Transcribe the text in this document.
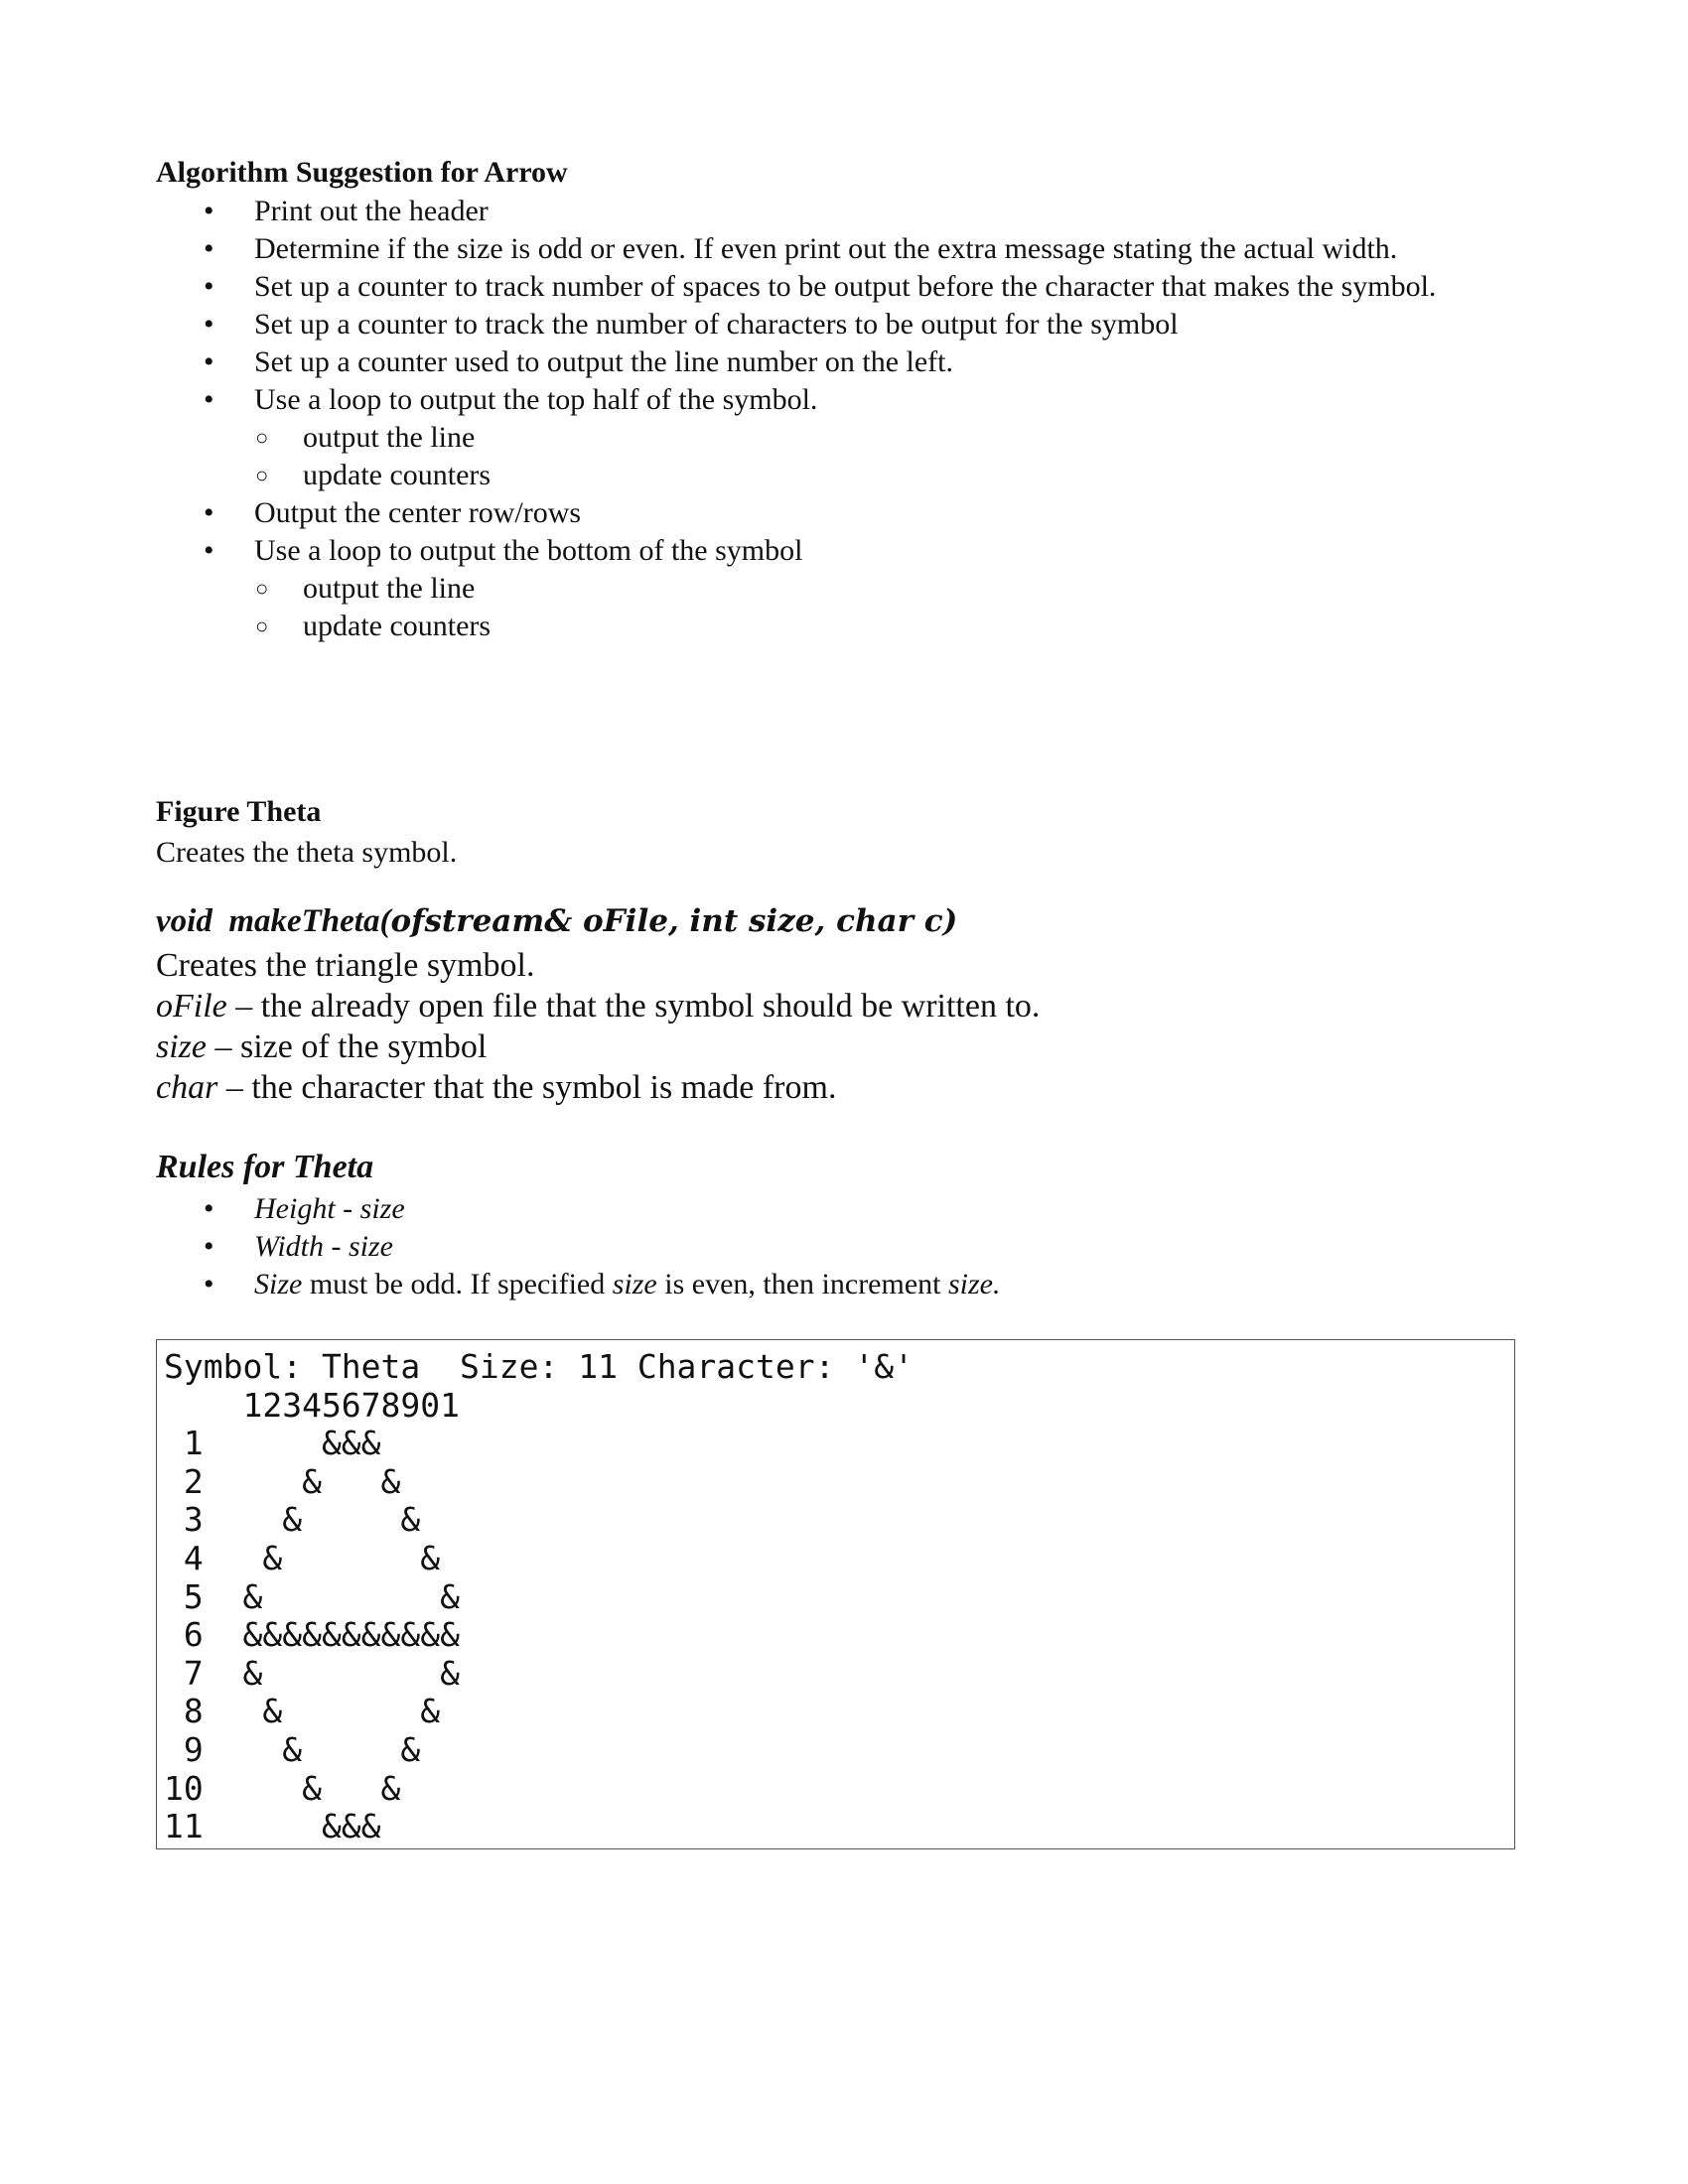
Algorithm Suggestion for Arrow
• Print out the header
• Determine if the size is odd or even. If even print out the extra message stating the actual width.
• Set up a counter to track number of spaces to be output before the character that makes the symbol.
• Set up a counter to track the number of characters to be output for the symbol
• Set up a counter used to output the line number on the left.
• Use a loop to output the top half of the symbol.
○ output the line
○ update counters
• Output the center row/rows
• Use a loop to output the bottom of the symbol
○ output the line
○ update counters
Figure Theta
Creates the theta symbol.
void makeTheta(ofstream& oFile, int size, char c)
Creates the triangle symbol.
oFile – the already open file that the symbol should be written to.
size – size of the symbol
char – the character that the symbol is made from.
Rules for Theta
• Height - size
• Width - size
• Size must be odd. If specified size is even, then increment size.
Symbol: Theta  Size: 11 Character: '&'
12345678901
1      &&&
2     &   &
3    &     &
4   &       &
5  &         &
6  &&&&&&&&&&&
7  &         &
8   &       &
9    &     &
10     &   &
11      &&&
